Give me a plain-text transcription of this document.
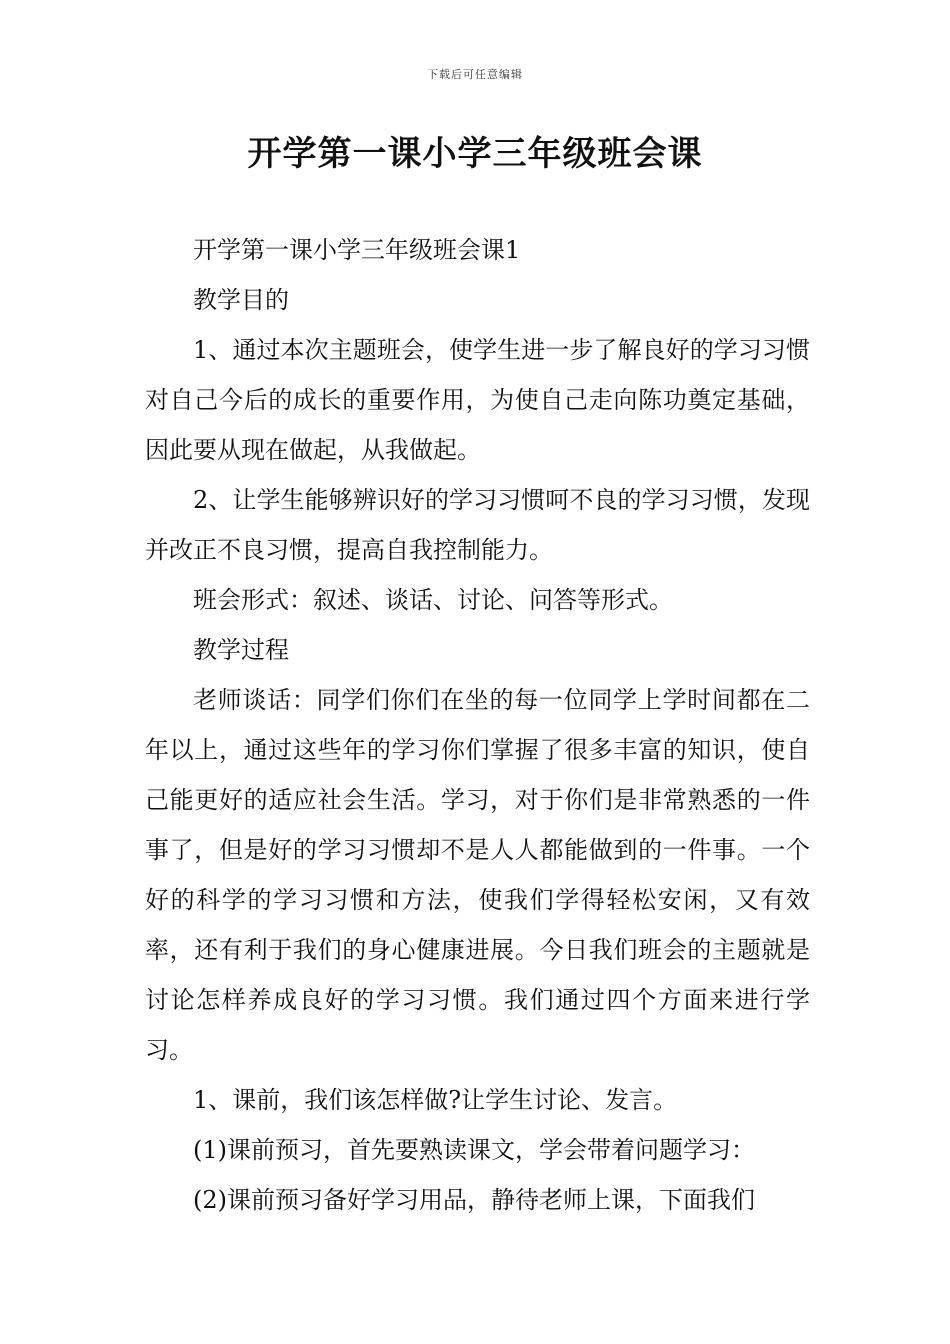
下载后可任意编辑
开学第一课小学三年级班会课

开学第一课小学三年级班会课1

教学目的

1、通过本次主题班会，使学生进一步了解良好的学习习惯对自己今后的成长的重要作用，为使自己走向陈功奠定基础，因此要从现在做起，从我做起。

2、让学生能够辨识好的学习习惯呵不良的学习习惯，发现并改正不良习惯，提高自我控制能力。

班会形式：叙述、谈话、讨论、问答等形式。

教学过程

老师谈话：同学们你们在坐的每一位同学上学时间都在二年以上，通过这些年的学习你们掌握了很多丰富的知识，使自己能更好的适应社会生活。学习，对于你们是非常熟悉的一件事了，但是好的学习习惯却不是人人都能做到的一件事。一个好的科学的学习习惯和方法，使我们学得轻松安闲，又有效率，还有利于我们的身心健康进展。今日我们班会的主题就是讨论怎样养成良好的学习习惯。我们通过四个方面来进行学习。

1、课前，我们该怎样做?让学生讨论、发言。

(1)课前预习，首先要熟读课文，学会带着问题学习：

(2)课前预习备好学习用品，静待老师上课，下面我们
